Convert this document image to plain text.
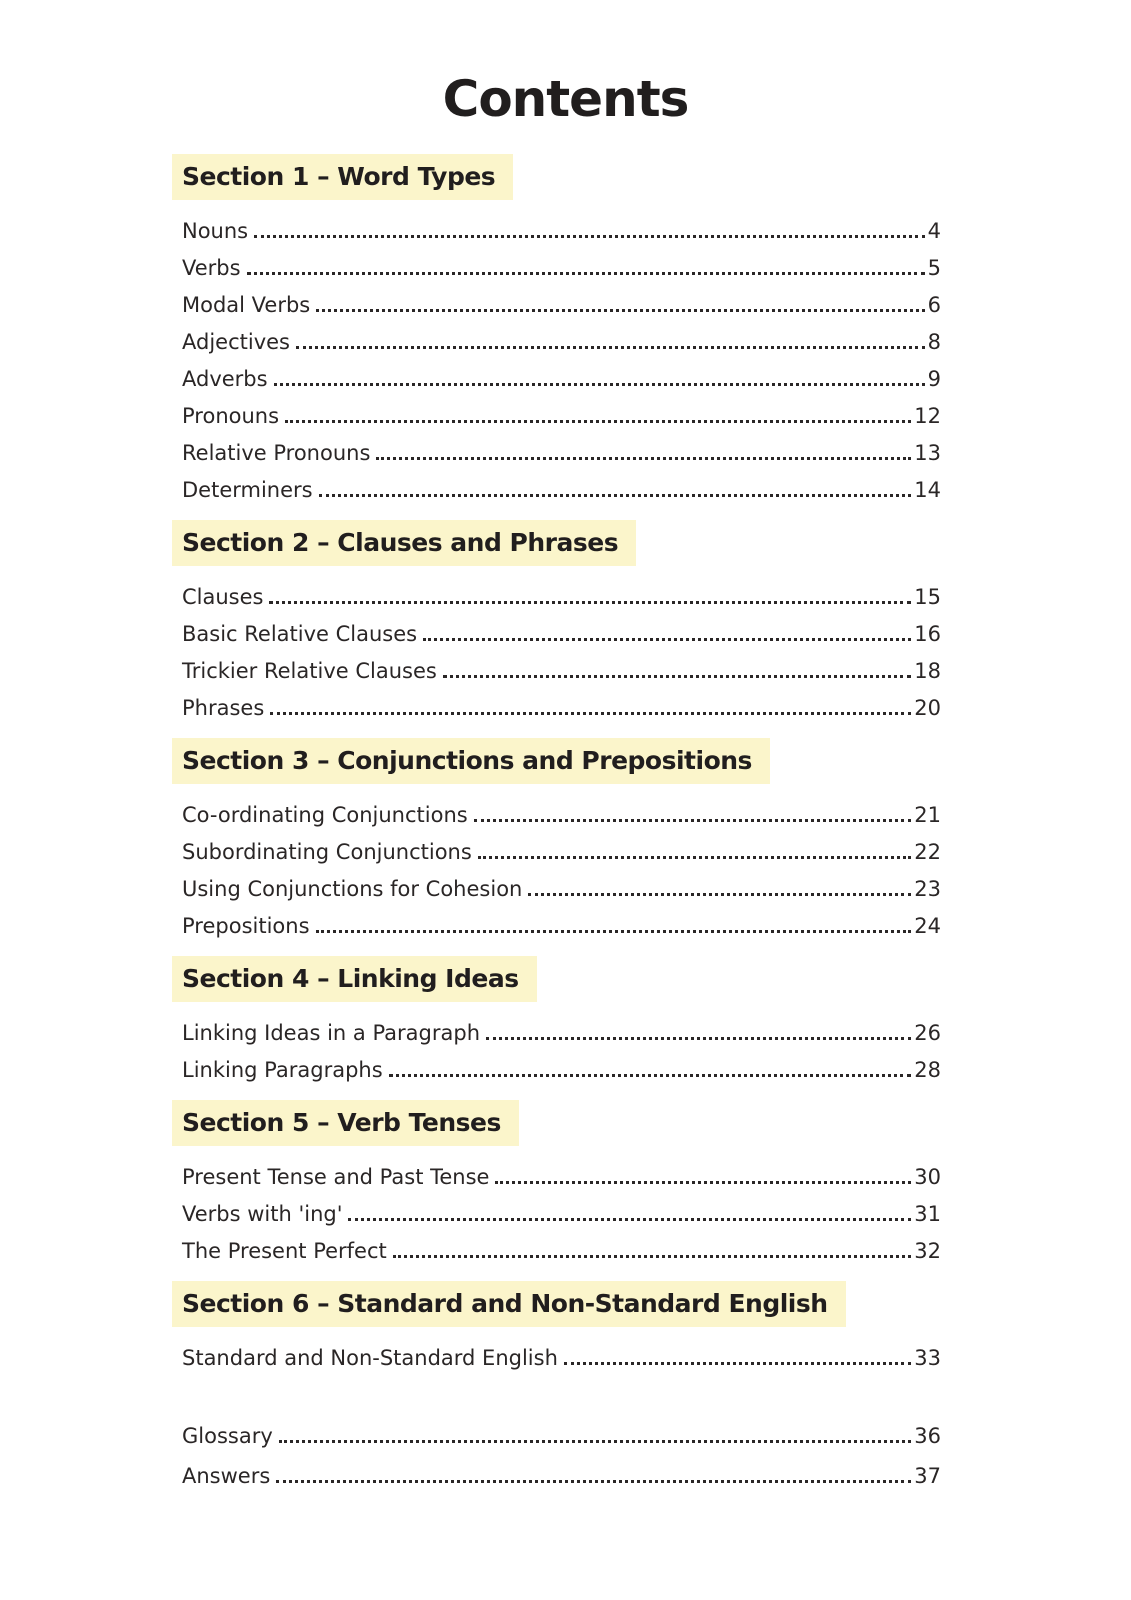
Contents
Section 1 – Word Types
Nouns	4
Verbs	5
Modal Verbs	6
Adjectives	8
Adverbs	9
Pronouns	12
Relative Pronouns	13
Determiners	14
Section 2 – Clauses and Phrases
Clauses	15
Basic Relative Clauses	16
Trickier Relative Clauses	18
Phrases	20
Section 3 – Conjunctions and Prepositions
Co-ordinating Conjunctions	21
Subordinating Conjunctions	22
Using Conjunctions for Cohesion	23
Prepositions	24
Section 4 – Linking Ideas
Linking Ideas in a Paragraph	26
Linking Paragraphs	28
Section 5 – Verb Tenses
Present Tense and Past Tense	30
Verbs with 'ing'	31
The Present Perfect	32
Section 6 – Standard and Non-Standard English
Standard and Non-Standard English	33
Glossary	36
Answers	37
